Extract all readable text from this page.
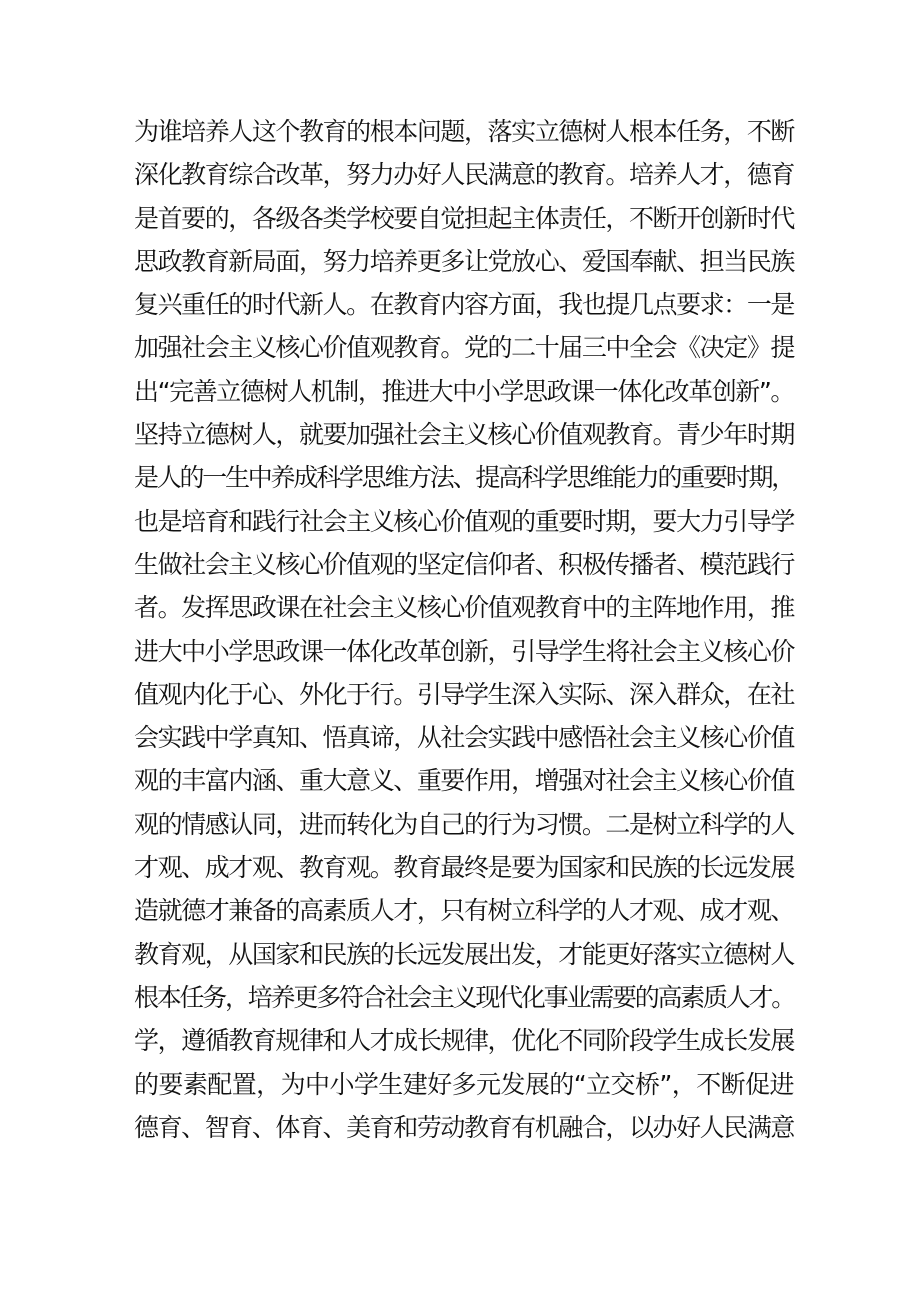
为谁培养人这个教育的根本问题，落实立德树人根本任务，不断
深化教育综合改革，努力办好人民满意的教育。培养人才，德育
是首要的，各级各类学校要自觉担起主体责任，不断开创新时代
思政教育新局面，努力培养更多让党放心、爱国奉献、担当民族
复兴重任的时代新人。在教育内容方面，我也提几点要求：一是
加强社会主义核心价值观教育。党的二十届三中全会《决定》提
出“完善立德树人机制，推进大中小学思政课一体化改革创新”。
坚持立德树人，就要加强社会主义核心价值观教育。青少年时期
是人的一生中养成科学思维方法、提高科学思维能力的重要时期，
也是培育和践行社会主义核心价值观的重要时期，要大力引导学
生做社会主义核心价值观的坚定信仰者、积极传播者、模范践行
者。发挥思政课在社会主义核心价值观教育中的主阵地作用，推
进大中小学思政课一体化改革创新，引导学生将社会主义核心价
值观内化于心、外化于行。引导学生深入实际、深入群众，在社
会实践中学真知、悟真谛，从社会实践中感悟社会主义核心价值
观的丰富内涵、重大意义、重要作用，增强对社会主义核心价值
观的情感认同，进而转化为自己的行为习惯。二是树立科学的人
才观、成才观、教育观。教育最终是要为国家和民族的长远发展
造就德才兼备的高素质人才，只有树立科学的人才观、成才观、
教育观，从国家和民族的长远发展出发，才能更好落实立德树人
根本任务，培养更多符合社会主义现代化事业需要的高素质人才。
学，遵循教育规律和人才成长规律，优化不同阶段学生成长发展
的要素配置，为中小学生建好多元发展的“立交桥”，不断促进
德育、智育、体育、美育和劳动教育有机融合，以办好人民满意
